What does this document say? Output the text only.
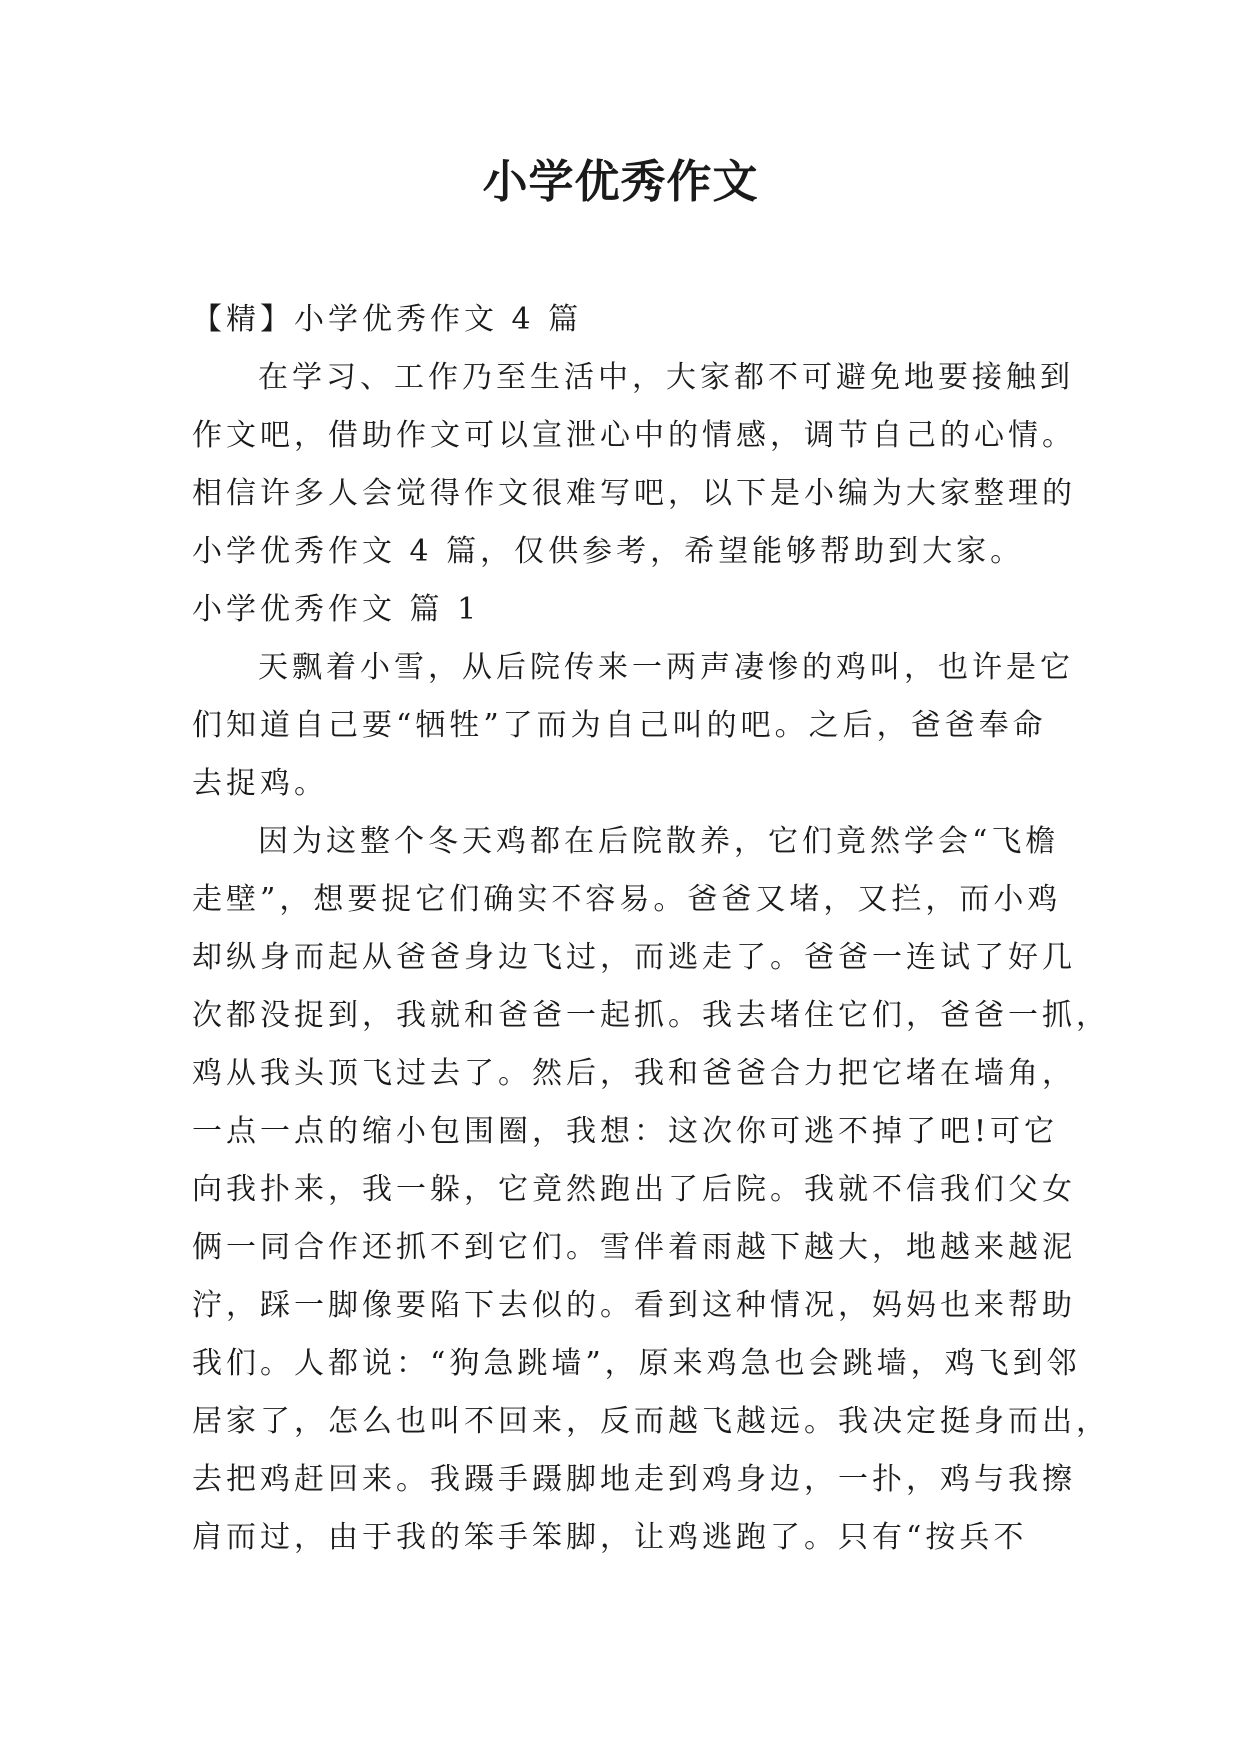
小学优秀作文

【精】小学优秀作文 4 篇

在学习、工作乃至生活中，大家都不可避免地要接触到

作文吧，借助作文可以宣泄心中的情感，调节自己的心情。

相信许多人会觉得作文很难写吧，以下是小编为大家整理的

小学优秀作文 4 篇，仅供参考，希望能够帮助到大家。

小学优秀作文 篇 1

天飘着小雪，从后院传来一两声凄惨的鸡叫，也许是它

们知道自己要“牺牲”了而为自己叫的吧。之后，爸爸奉命

去捉鸡。

因为这整个冬天鸡都在后院散养，它们竟然学会“飞檐

走壁”，想要捉它们确实不容易。爸爸又堵，又拦，而小鸡

却纵身而起从爸爸身边飞过，而逃走了。爸爸一连试了好几

次都没捉到，我就和爸爸一起抓。我去堵住它们，爸爸一抓，

鸡从我头顶飞过去了。然后，我和爸爸合力把它堵在墙角，

一点一点的缩小包围圈，我想：这次你可逃不掉了吧!可它

向我扑来，我一躲，它竟然跑出了后院。我就不信我们父女

俩一同合作还抓不到它们。雪伴着雨越下越大，地越来越泥

泞，踩一脚像要陷下去似的。看到这种情况，妈妈也来帮助

我们。人都说：“狗急跳墙”，原来鸡急也会跳墙，鸡飞到邻

居家了，怎么也叫不回来，反而越飞越远。我决定挺身而出，

去把鸡赶回来。我蹑手蹑脚地走到鸡身边，一扑，鸡与我擦

肩而过，由于我的笨手笨脚，让鸡逃跑了。只有“按兵不
